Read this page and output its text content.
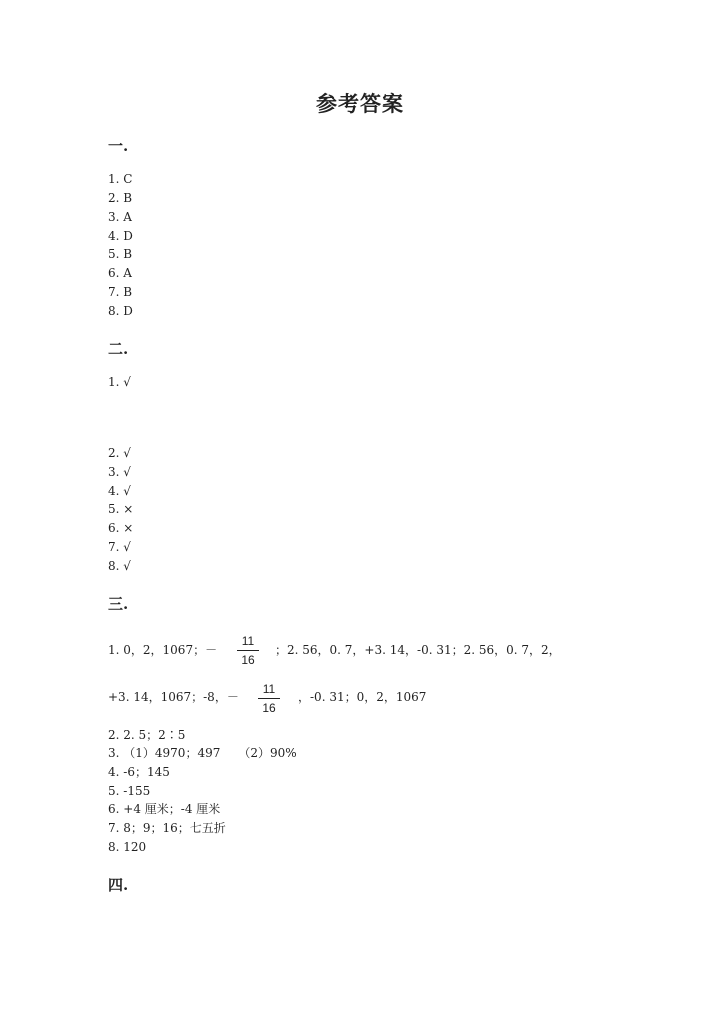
参考答案
一.
1. C
2. B
3. A
4. D
5. B
6. A
7. B
8. D
二.
1. √
2. √
3. √
4. √
5. ×
6. ×
7. √
8. √
三.
1. 0，2，1067；－
11
16
；2. 56，0. 7，+3. 14，-0. 31；2. 56，0. 7，2，
+3. 14，1067；-8，－
11
16
，-0. 31；0，2，1067
2. 2. 5；2∶5
3. （1）4970；497　　（2）90%
4. -6；145
5. -155
6. +4 厘米；-4 厘米
7. 8；9；16；七五折
8. 120
四.
